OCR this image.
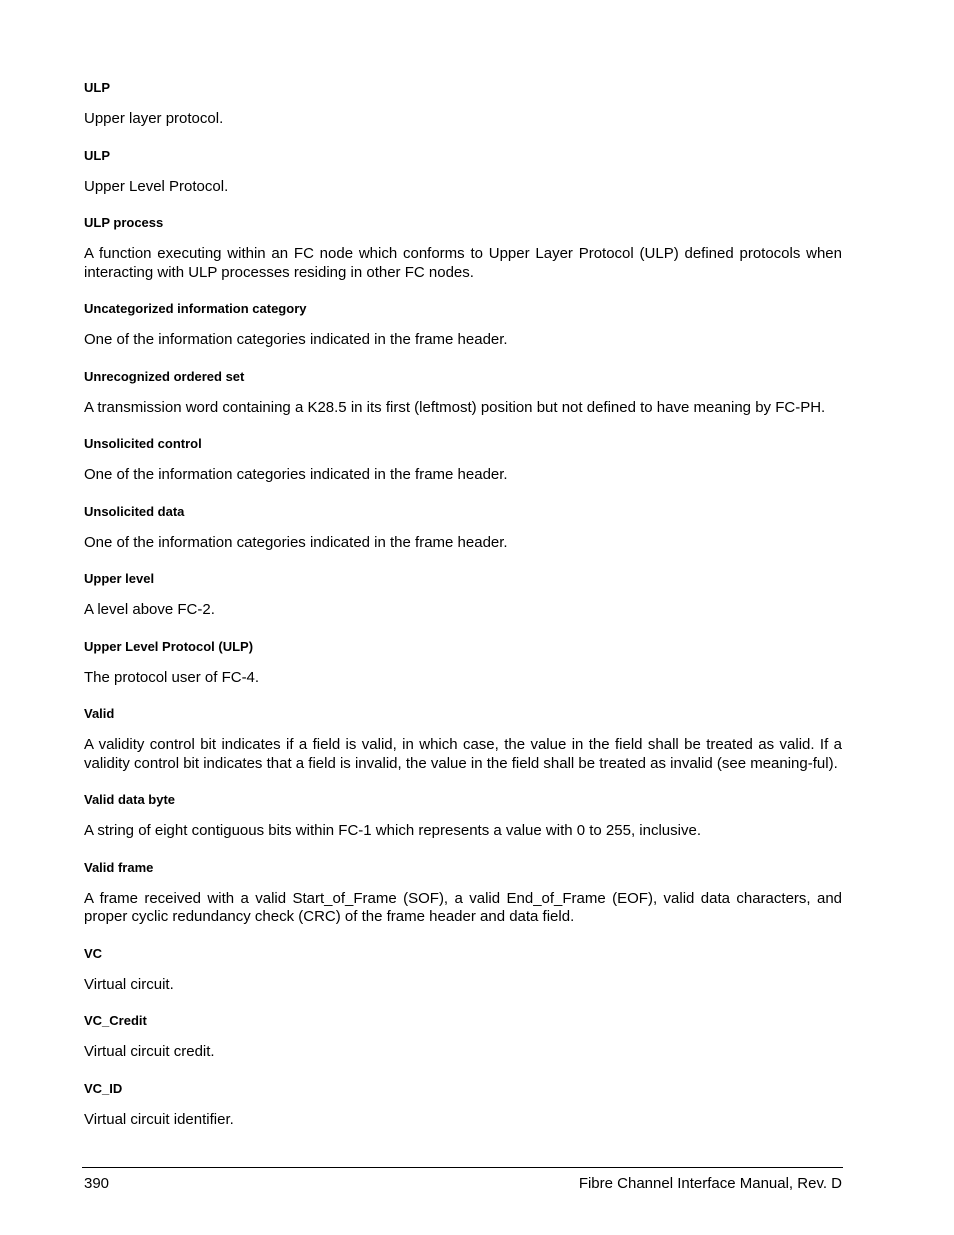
ULP

Upper layer protocol.

ULP

Upper Level Protocol.

ULP process

A function executing within an FC node which conforms to Upper Layer Protocol (ULP) defined protocols when interacting with ULP processes residing in other FC nodes.

Uncategorized information category

One of the information categories indicated in the frame header.

Unrecognized ordered set

A transmission word containing a K28.5 in its first (leftmost) position but not defined to have meaning by FC-PH.

Unsolicited control

One of the information categories indicated in the frame header.

Unsolicited data

One of the information categories indicated in the frame header.

Upper level

A level above FC-2.

Upper Level Protocol (ULP)

The protocol user of FC-4.

Valid

A validity control bit indicates if a field is valid, in which case, the value in the field shall be treated as valid. If a validity control bit indicates that a field is invalid, the value in the field shall be treated as invalid (see meaning-ful).

Valid data byte

A string of eight contiguous bits within FC-1 which represents a value with 0 to 255, inclusive.

Valid frame

A frame received with a valid Start_of_Frame (SOF), a valid End_of_Frame (EOF), valid data characters, and proper cyclic redundancy check (CRC) of the frame header and data field.

VC

Virtual circuit.

VC_Credit

Virtual circuit credit.

VC_ID

Virtual circuit identifier.

390	Fibre Channel Interface Manual, Rev. D
